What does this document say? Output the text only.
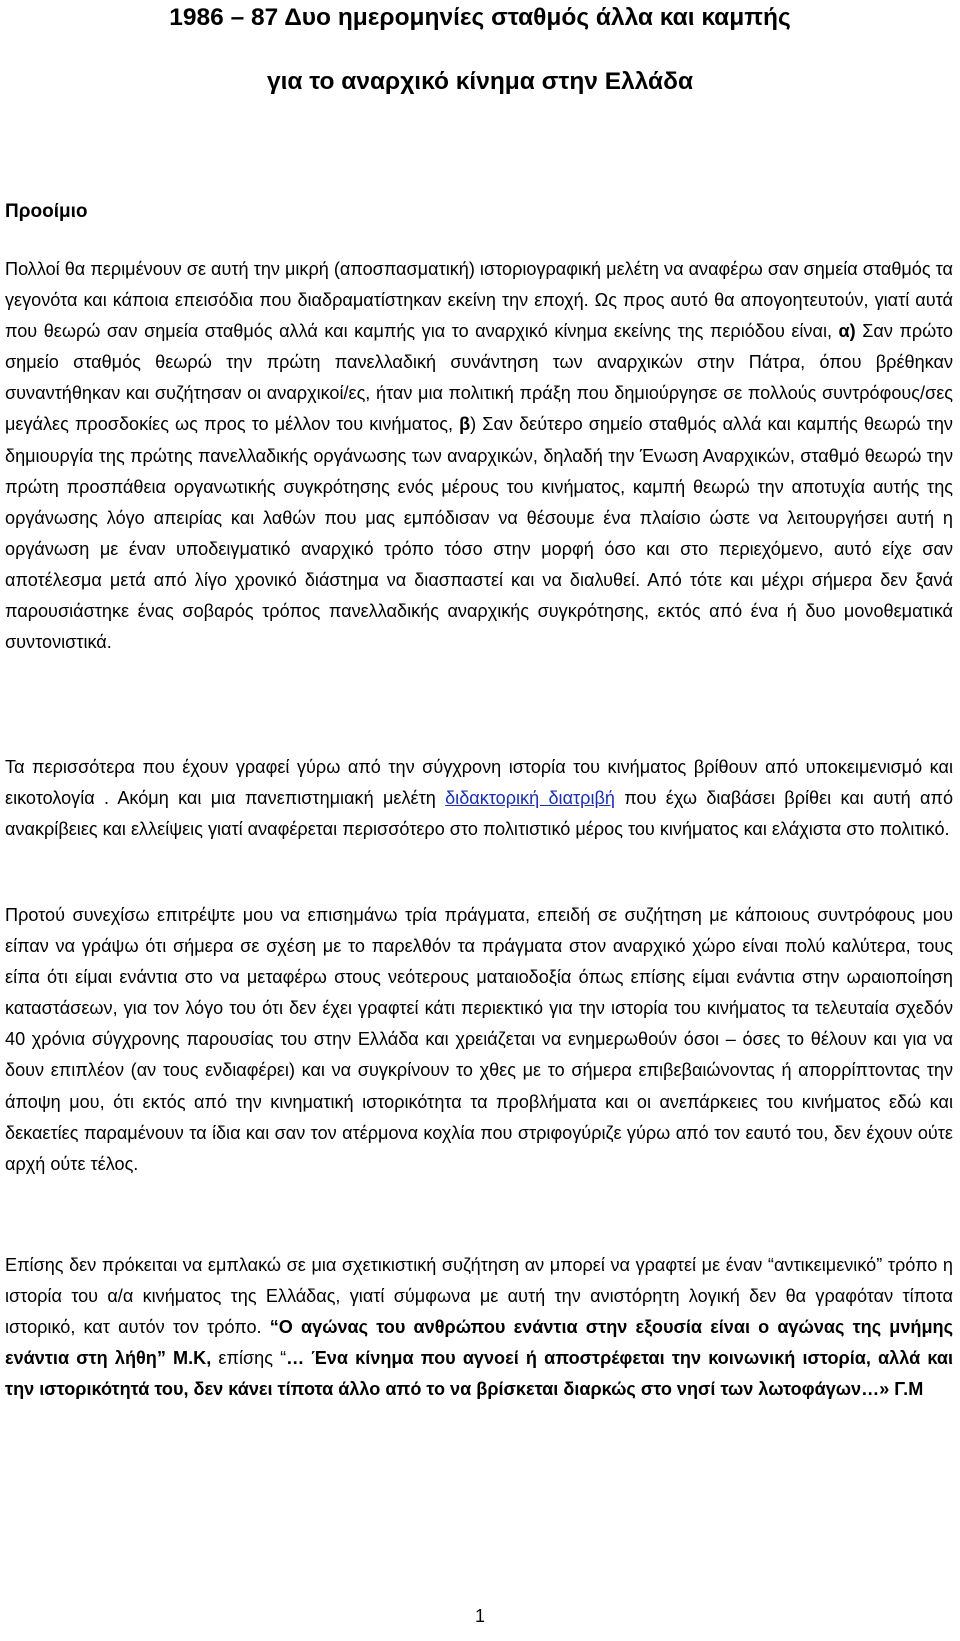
1986 – 87 Δυο ημερομηνίες σταθμός άλλα και καμπής
για το αναρχικό κίνημα στην Ελλάδα
Προοίμιο

Πολλοί θα περιμένουν σε αυτή την μικρή (αποσπασματική) ιστοριογραφική μελέτη να αναφέρω σαν σημεία σταθμός τα γεγονότα και κάποια επεισόδια που διαδραματίστηκαν εκείνη την εποχή. Ως προς αυτό θα απογοητευτούν, γιατί αυτά που θεωρώ σαν σημεία σταθμός αλλά και καμπής για το αναρχικό κίνημα εκείνης της περιόδου είναι, α) Σαν πρώτο σημείο σταθμός θεωρώ την πρώτη πανελλαδική συνάντηση των αναρχικών στην Πάτρα, όπου βρέθηκαν συναντήθηκαν και συζήτησαν οι αναρχικοί/ες, ήταν μια πολιτική πράξη που δημιούργησε σε πολλούς συντρόφους/σες μεγάλες προσδοκίες ως προς το μέλλον του κινήματος, β) Σαν δεύτερο σημείο σταθμός αλλά και καμπής θεωρώ την δημιουργία της πρώτης πανελλαδικής οργάνωσης των αναρχικών, δηλαδή την Ένωση Αναρχικών, σταθμό θεωρώ την πρώτη προσπάθεια οργανωτικής συγκρότησης ενός μέρους του κινήματος, καμπή θεωρώ την αποτυχία αυτής της οργάνωσης λόγο απειρίας και λαθών που μας εμπόδισαν να θέσουμε ένα πλαίσιο ώστε να λειτουργήσει αυτή η οργάνωση με έναν υποδειγματικό αναρχικό τρόπο τόσο στην μορφή όσο και στο περιεχόμενο, αυτό είχε σαν αποτέλεσμα μετά από λίγο χρονικό διάστημα να διασπαστεί και να διαλυθεί. Από τότε και μέχρι σήμερα δεν ξανά παρουσιάστηκε ένας σοβαρός τρόπος πανελλαδικής αναρχικής συγκρότησης, εκτός από ένα ή δυο μονοθεματικά συντονιστικά.

Τα περισσότερα που έχουν γραφεί γύρω από την σύγχρονη ιστορία του κινήματος βρίθουν από υποκειμενισμό και εικοτολογία . Ακόμη και μια πανεπιστημιακή μελέτη διδακτορική διατριβή που έχω διαβάσει βρίθει και αυτή από ανακρίβειες και ελλείψεις γιατί αναφέρεται περισσότερο στο πολιτιστικό μέρος του κινήματος και ελάχιστα στο πολιτικό.

Προτού συνεχίσω επιτρέψτε μου να επισημάνω τρία πράγματα, επειδή σε συζήτηση με κάποιους συντρόφους μου είπαν να γράψω ότι σήμερα σε σχέση με το παρελθόν τα πράγματα στον αναρχικό χώρο είναι πολύ καλύτερα, τους είπα ότι είμαι ενάντια στο να μεταφέρω στους νεότερους ματαιοδοξία όπως επίσης είμαι ενάντια στην ωραιοποίηση καταστάσεων, για τον λόγο του ότι δεν έχει γραφτεί κάτι περιεκτικό για την ιστορία του κινήματος τα τελευταία σχεδόν 40 χρόνια σύγχρονης παρουσίας του στην Ελλάδα και χρειάζεται να ενημερωθούν όσοι – όσες το θέλουν και για να δουν επιπλέον (αν τους ενδιαφέρει) και να συγκρίνουν το χθες με το σήμερα επιβεβαιώνοντας ή απορρίπτοντας την άποψη μου, ότι εκτός από την κινηματική ιστορικότητα τα προβλήματα και οι ανεπάρκειες του κινήματος εδώ και δεκαετίες παραμένουν τα ίδια και σαν τον ατέρμονα κοχλία που στριφογύριζε γύρω από τον εαυτό του, δεν έχουν ούτε αρχή ούτε τέλος.

Επίσης δεν πρόκειται να εμπλακώ σε μια σχετικιστική συζήτηση αν μπορεί να γραφτεί με έναν “αντικειμενικό” τρόπο η ιστορία του α/α κινήματος της Ελλάδας, γιατί σύμφωνα με αυτή την ανιστόρητη λογική δεν θα γραφόταν τίποτα ιστορικό, κατ αυτόν τον τρόπο. “Ο αγώνας του ανθρώπου ενάντια στην εξουσία είναι ο αγώνας της μνήμης ενάντια στη λήθη” Μ.Κ, επίσης “… Ένα κίνημα που αγνοεί ή αποστρέφεται την κοινωνική ιστορία, αλλά και την ιστορικότητά του, δεν κάνει τίποτα άλλο από το να βρίσκεται διαρκώς στο νησί των λωτοφάγων…» Γ.Μ

1
